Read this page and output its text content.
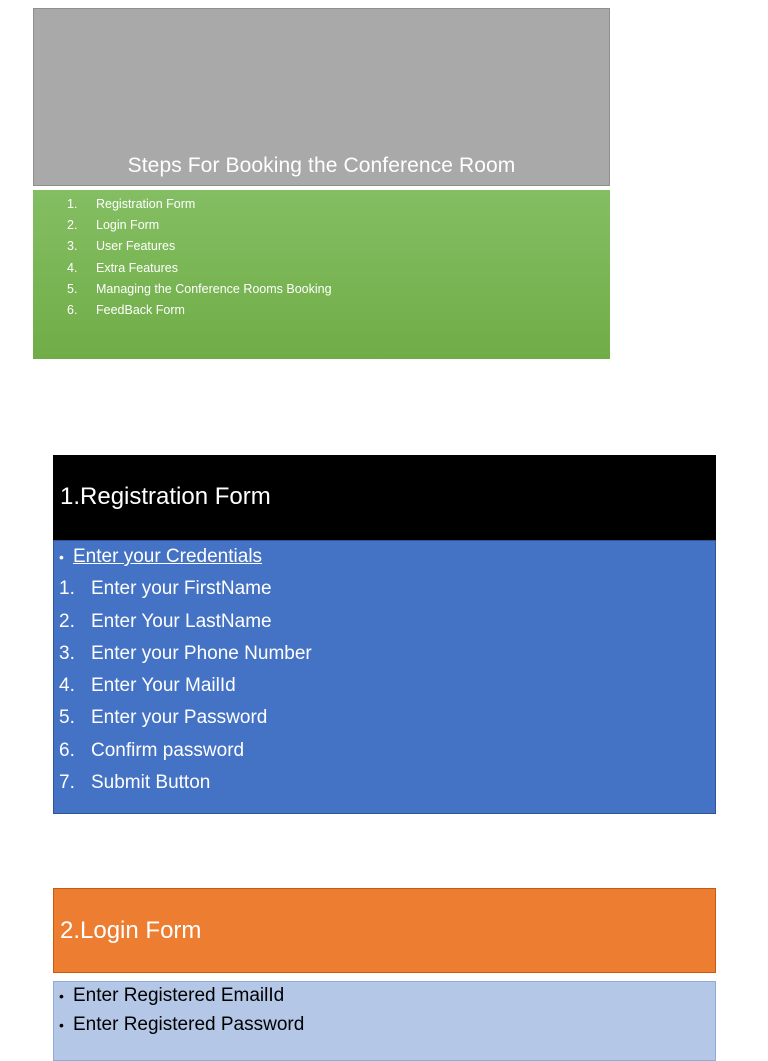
Steps For Booking the Conference Room
1.	Registration Form
2.	Login Form
3.	User Features
4.	Extra Features
5.	Managing the Conference Rooms Booking
6.	FeedBack Form
1.Registration Form
• Enter your Credentials
1. Enter your FirstName
2. Enter Your LastName
3. Enter your Phone Number
4. Enter Your MailId
5. Enter your Password
6. Confirm password
7. Submit Button
2.Login Form
• Enter Registered EmailId
• Enter Registered Password
